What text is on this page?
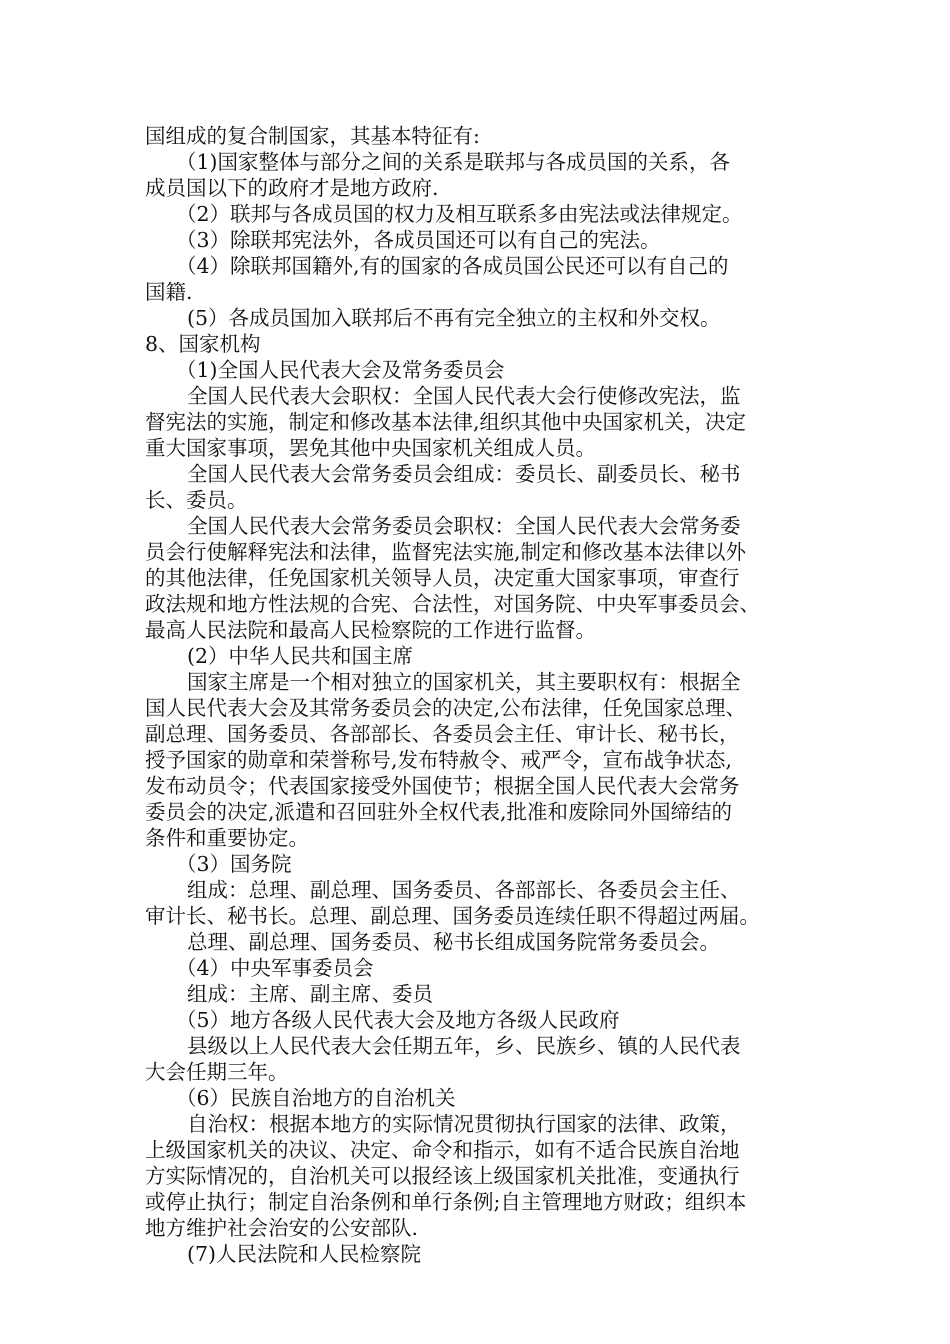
国组成的复合制国家，其基本特征有:
（1)国家整体与部分之间的关系是联邦与各成员国的关系，各
成员国以下的政府才是地方政府.
（2）联邦与各成员国的权力及相互联系多由宪法或法律规定。
（3）除联邦宪法外，各成员国还可以有自己的宪法。
（4）除联邦国籍外,有的国家的各成员国公民还可以有自己的
国籍.
(5）各成员国加入联邦后不再有完全独立的主权和外交权。
8、国家机构
（1)全国人民代表大会及常务委员会
全国人民代表大会职权：全国人民代表大会行使修改宪法，监
督宪法的实施，制定和修改基本法律,组织其他中央国家机关，决定
重大国家事项，罢免其他中央国家机关组成人员。
全国人民代表大会常务委员会组成：委员长、副委员长、秘书
长、委员。
全国人民代表大会常务委员会职权：全国人民代表大会常务委
员会行使解释宪法和法律，监督宪法实施,制定和修改基本法律以外
的其他法律，任免国家机关领导人员，决定重大国家事项，审查行
政法规和地方性法规的合宪、合法性，对国务院、中央军事委员会、
最高人民法院和最高人民检察院的工作进行监督。
(2）中华人民共和国主席
国家主席是一个相对独立的国家机关，其主要职权有：根据全
国人民代表大会及其常务委员会的决定,公布法律，任免国家总理、
副总理、国务委员、各部部长、各委员会主任、审计长、秘书长，
授予国家的勋章和荣誉称号,发布特赦令、戒严令，宣布战争状态,
发布动员令；代表国家接受外国使节；根据全国人民代表大会常务
委员会的决定,派遣和召回驻外全权代表,批准和废除同外国缔结的
条件和重要协定。
（3）国务院
组成：总理、副总理、国务委员、各部部长、各委员会主任、
审计长、秘书长。总理、副总理、国务委员连续任职不得超过两届。
总理、副总理、国务委员、秘书长组成国务院常务委员会。
（4）中央军事委员会
组成：主席、副主席、委员
（5）地方各级人民代表大会及地方各级人民政府
县级以上人民代表大会任期五年，乡、民族乡、镇的人民代表
大会任期三年。
（6）民族自治地方的自治机关
自治权：根据本地方的实际情况贯彻执行国家的法律、政策，
上级国家机关的决议、决定、命令和指示，如有不适合民族自治地
方实际情况的，自治机关可以报经该上级国家机关批准，变通执行
或停止执行；制定自治条例和单行条例;自主管理地方财政；组织本
地方维护社会治安的公安部队.
(7)人民法院和人民检察院
